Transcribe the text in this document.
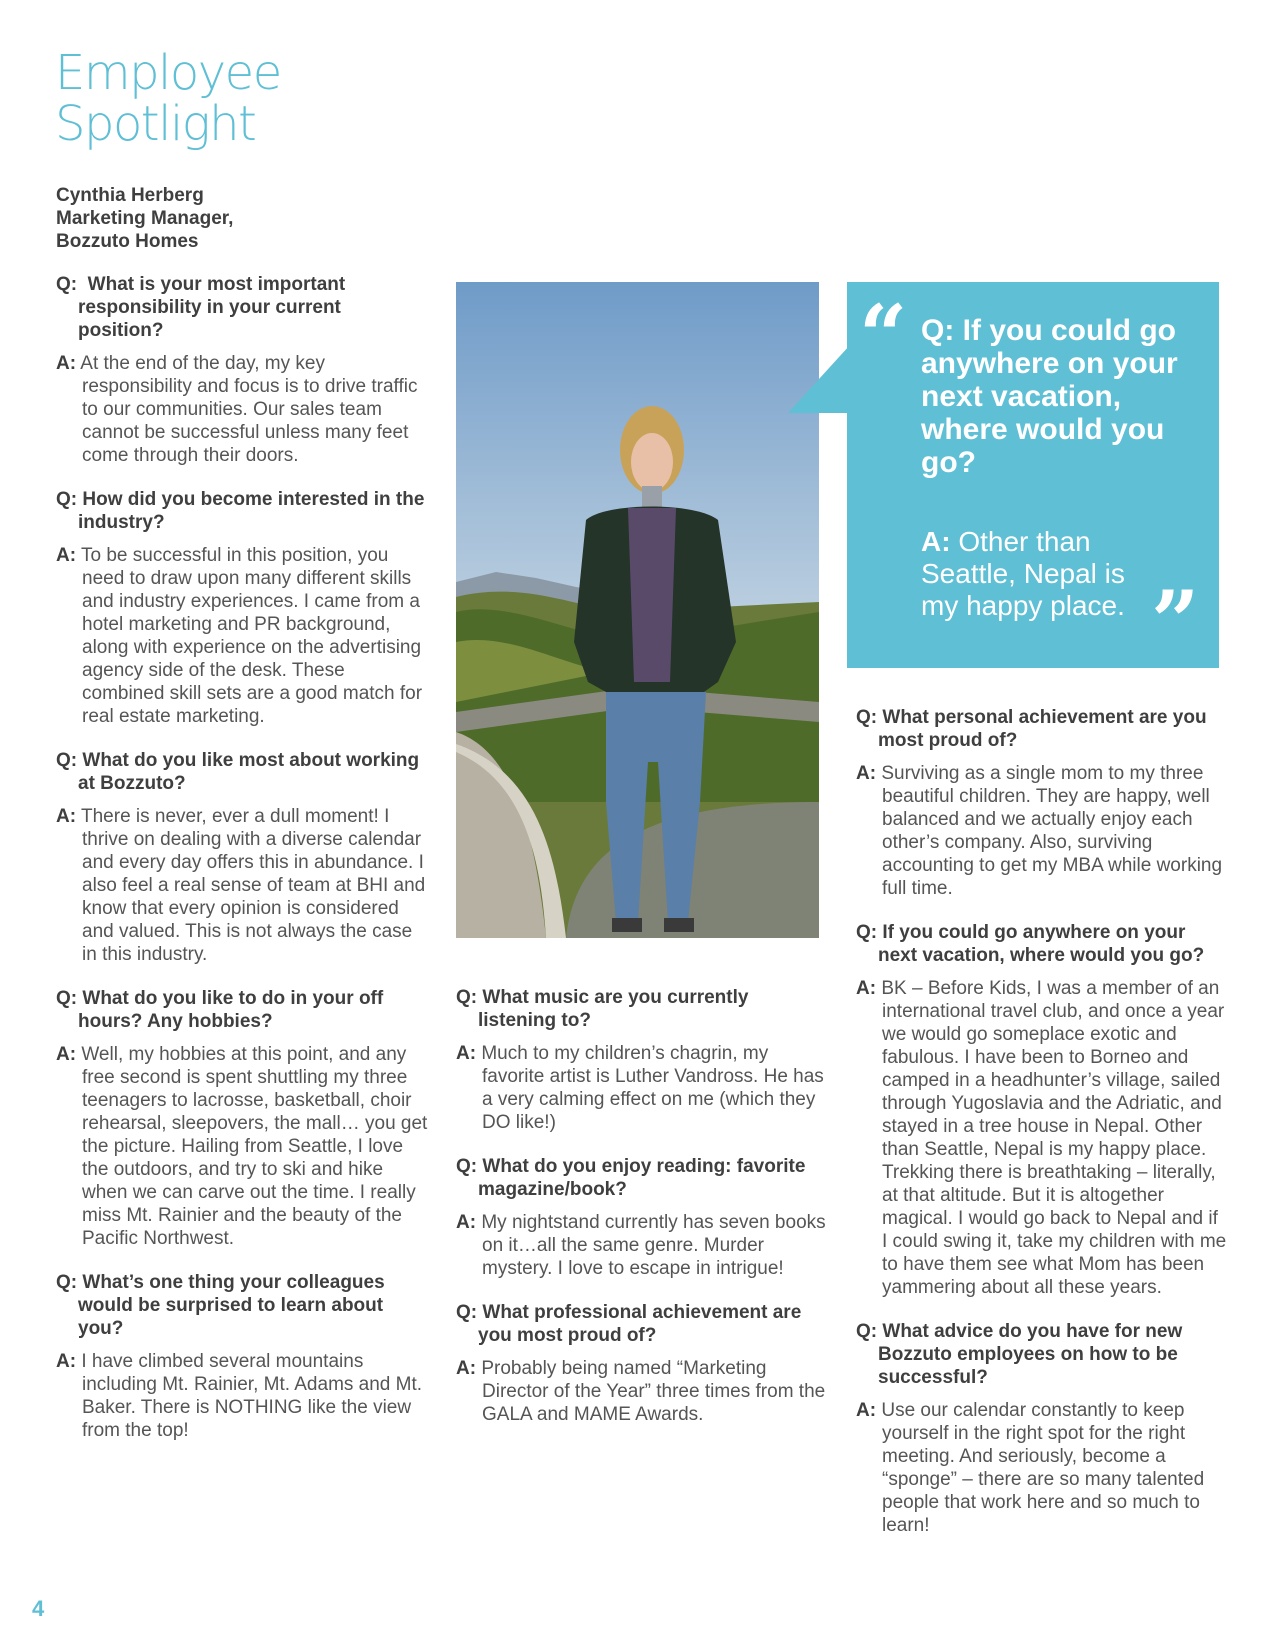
Employee
Spotlight
Cynthia Herberg
Marketing Manager,
Bozzuto Homes

Q: What is your most important responsibility in your current position?

A: At the end of the day, my key responsibility and focus is to drive traffic to our communities. Our sales team cannot be successful unless many feet come through their doors.

Q: How did you become interested in the industry?

A: To be successful in this position, you need to draw upon many different skills and industry experiences. I came from a hotel marketing and PR background, along with experience on the advertising agency side of the desk. These combined skill sets are a good match for real estate marketing.

Q: What do you like most about working at Bozzuto?

A: There is never, ever a dull moment! I thrive on dealing with a diverse calendar and every day offers this in abundance. I also feel a real sense of team at BHI and know that every opinion is considered and valued. This is not always the case in this industry.

Q: What do you like to do in your off hours? Any hobbies?

A: Well, my hobbies at this point, and any free second is spent shuttling my three teenagers to lacrosse, basketball, choir rehearsal, sleepovers, the mall… you get the picture. Hailing from Seattle, I love the outdoors, and try to ski and hike when we can carve out the time. I really miss Mt. Rainier and the beauty of the Pacific Northwest.

Q: What’s one thing your colleagues would be surprised to learn about you?

A: I have climbed several mountains including Mt. Rainier, Mt. Adams and Mt. Baker. There is NOTHING like the view from the top!

Q: What music are you currently listening to?

A: Much to my children’s chagrin, my favorite artist is Luther Vandross. He has a very calming effect on me (which they DO like!)

Q: What do you enjoy reading: favorite magazine/book?

A: My nightstand currently has seven books on it…all the same genre. Murder mystery. I love to escape in intrigue!

Q: What professional achievement are you most proud of?

A: Probably being named “Marketing Director of the Year” three times from the GALA and MAME Awards.

“ Q: If you could go anywhere on your next vacation, where would you go?
A: Other than Seattle, Nepal is my happy place. ”

Q: What personal achievement are you most proud of?

A: Surviving as a single mom to my three beautiful children. They are happy, well balanced and we actually enjoy each other’s company. Also, surviving accounting to get my MBA while working full time.

Q: If you could go anywhere on your next vacation, where would you go?

A: BK – Before Kids, I was a member of an international travel club, and once a year we would go someplace exotic and fabulous. I have been to Borneo and camped in a headhunter’s village, sailed through Yugoslavia and the Adriatic, and stayed in a tree house in Nepal. Other than Seattle, Nepal is my happy place. Trekking there is breathtaking – literally, at that altitude. But it is altogether magical. I would go back to Nepal and if I could swing it, take my children with me to have them see what Mom has been yammering about all these years.

Q: What advice do you have for new Bozzuto employees on how to be successful?

A: Use our calendar constantly to keep yourself in the right spot for the right meeting. And seriously, become a “sponge” – there are so many talented people that work here and so much to learn!

4
